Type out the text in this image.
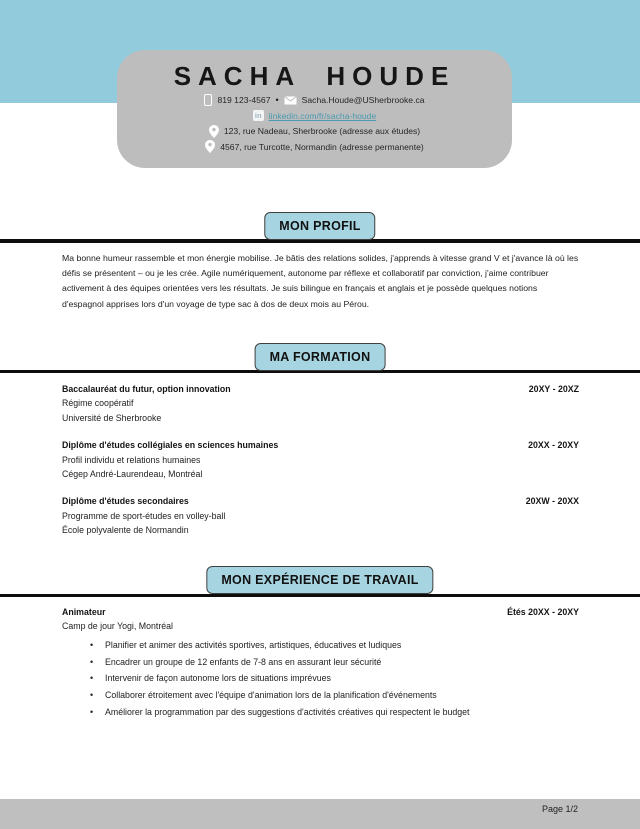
SACHA HOUDE
819 123-4567 •	Sacha.Houde@USherbrooke.ca
in linkedin.com/fr/sacha-houde
123, rue Nadeau, Sherbrooke (adresse aux études)
4567, rue Turcotte, Normandin (adresse permanente)
MON PROFIL
Ma bonne humeur rassemble et mon énergie mobilise. Je bâtis des relations solides, j'apprends à vitesse grand V et j'avance là où les défis se présentent – ou je les crée. Agile numériquement, autonome par réflexe et collaboratif par conviction, j'aime contribuer activement à des équipes orientées vers les résultats. Je suis bilingue en français et anglais et je possède quelques notions d'espagnol apprises lors d'un voyage de type sac à dos de deux mois au Pérou.
MA FORMATION
Baccalauréat du futur, option innovation	20XY - 20XZ
Régime coopératif
Université de Sherbrooke
Diplôme d'études collégiales en sciences humaines	20XX - 20XY
Profil individu et relations humaines
Cégep André-Laurendeau, Montréal
Diplôme d'études secondaires	20XW - 20XX
Programme de sport-études en volley-ball
École polyvalente de Normandin
MON EXPÉRIENCE DE TRAVAIL
Animateur	Étés 20XX - 20XY
Camp de jour Yogi, Montréal
•	Planifier et animer des activités sportives, artistiques, éducatives et ludiques
•	Encadrer un groupe de 12 enfants de 7-8 ans en assurant leur sécurité
•	Intervenir de façon autonome lors de situations imprévues
•	Collaborer étroitement avec l'équipe d'animation lors de la planification d'événements
•	Améliorer la programmation par des suggestions d'activités créatives qui respectent le budget
Page 1/2
